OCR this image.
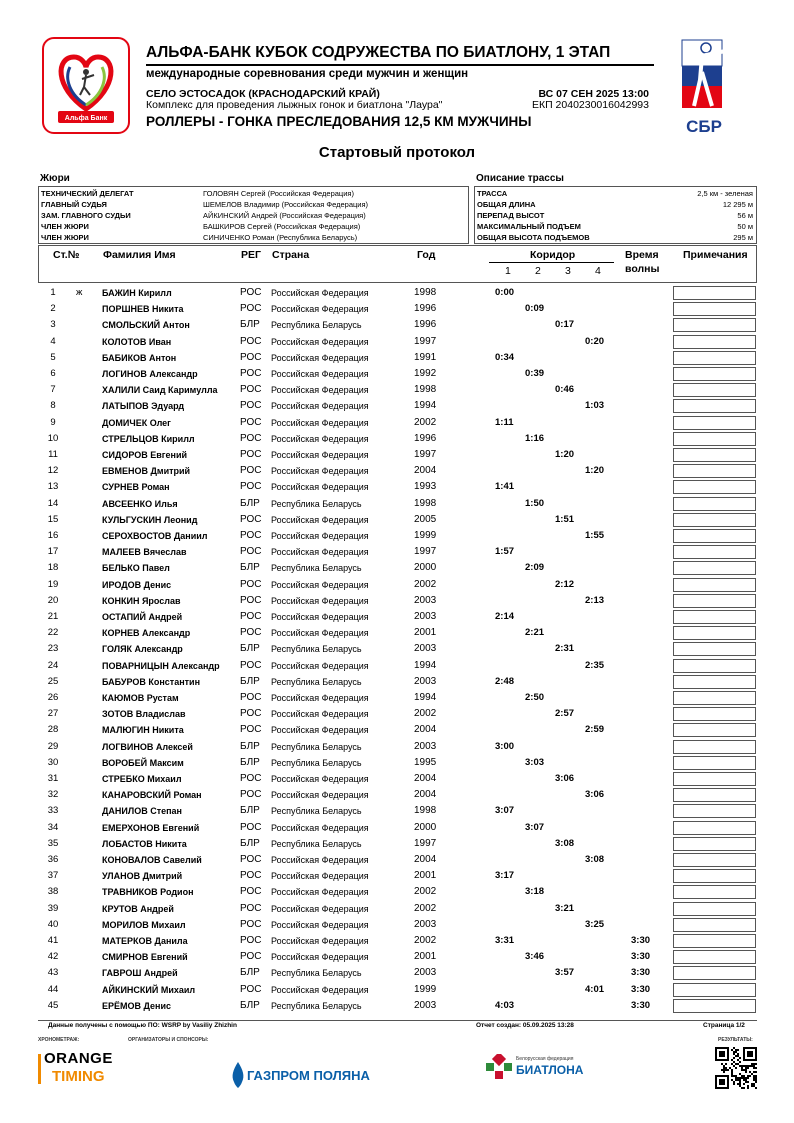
Альфа Банк	СБР
АЛЬФА-БАНК КУБОК СОДРУЖЕСТВА ПО БИАТЛОНУ, 1 ЭТАП
международные соревнования среди мужчин и женщин
СЕЛО ЭСТОСАДОК (КРАСНОДАРСКИЙ КРАЙ)
Комплекс для проведения лыжных гонок и биатлона "Лаура"
ВС 07 СЕН 2025 13:00
ЕКП 2040230016042993
РОЛЛЕРЫ - ГОНКА ПРЕСЛЕДОВАНИЯ 12,5 КМ МУЖЧИНЫ
Стартовый протокол
Жюри
ТЕХНИЧЕСКИЙ ДЕЛЕГАТ	ГОЛОВЯН Сергей (Российская Федерация)
ГЛАВНЫЙ СУДЬЯ	ШЕМЕЛОВ Владимир (Российская Федерация)
ЗАМ. ГЛАВНОГО СУДЬИ	АЙКИНСКИЙ Андрей (Российская Федерация)
ЧЛЕН ЖЮРИ	БАШКИРОВ Сергей (Российская Федерация)
ЧЛЕН ЖЮРИ	СИНИЧЕНКО Роман (Республика Беларусь)
Описание трассы
ТРАССА	2,5 км - зеленая
ОБЩАЯ ДЛИНА	12 295 м
ПЕРЕПАД ВЫСОТ	56 м
МАКСИМАЛЬНЫЙ ПОДЪЕМ	50 м
ОБЩАЯ ВЫСОТА ПОДЪЕМОВ	295 м
Ст.№ Фамилия Имя	РЕГ Страна	Год	Коридор
1 2 3 4
Время
волны
Примечания
1	ж БАЖИН Кирилл	РОС Российская Федерация	1998	0:00
2	ПОРШНЕВ Никита	РОС Российская Федерация	1996	0:09
3	СМОЛЬСКИЙ Антон	БЛР Республика Беларусь	1996	0:17
4	КОЛОТОВ Иван	РОС Российская Федерация	1997	0:20
5	БАБИКОВ Антон	РОС Российская Федерация	1991	0:34
6	ЛОГИНОВ Александр	РОС Российская Федерация	1992	0:39
7	ХАЛИЛИ Саид Каримулла РОС Российская Федерация	1998	0:46
8	ЛАТЫПОВ Эдуард	РОС Российская Федерация	1994	1:03
9	ДОМИЧЕК Олег	РОС Российская Федерация	2002	1:11
10	СТРЕЛЬЦОВ Кирилл	РОС Российская Федерация	1996	1:16
11	СИДОРОВ Евгений	РОС Российская Федерация	1997	1:20
12	ЕВМЕНОВ Дмитрий	РОС Российская Федерация	2004	1:20
13	СУРНЕВ Роман	РОС Российская Федерация	1993	1:41
14	АВСЕЕНКО Илья	БЛР Республика Беларусь	1998	1:50
15	КУЛЬГУСКИН Леонид	РОС Российская Федерация	2005	1:51
16	СЕРОХВОСТОВ Даниил	РОС Российская Федерация	1999	1:55
17	МАЛЕЕВ Вячеслав	РОС Российская Федерация	1997	1:57
18	БЕЛЬКО Павел	БЛР Республика Беларусь	2000	2:09
19	ИРОДОВ Денис	РОС Российская Федерация	2002	2:12
20	КОНКИН Ярослав	РОС Российская Федерация	2003	2:13
21	ОСТАПИЙ Андрей	РОС Российская Федерация	2003	2:14
22	КОРНЕВ Александр	РОС Российская Федерация	2001	2:21
23	ГОЛЯК Александр	БЛР Республика Беларусь	2003	2:31
24	ПОВАРНИЦЫН Александр РОС Российская Федерация	1994	2:35
25	БАБУРОВ Константин	БЛР Республика Беларусь	2003	2:48
26	КАЮМОВ Рустам	РОС Российская Федерация	1994	2:50
27	ЗОТОВ Владислав	РОС Российская Федерация	2002	2:57
28	МАЛЮГИН Никита	РОС Российская Федерация	2004	2:59
29	ЛОГВИНОВ Алексей	БЛР Республика Беларусь	2003	3:00
30	ВОРОБЕЙ Максим	БЛР Республика Беларусь	1995	3:03
31	СТРЕБКО Михаил	РОС Российская Федерация	2004	3:06
32	КАНАРОВСКИЙ Роман	РОС Российская Федерация	2004	3:06
33	ДАНИЛОВ Степан	БЛР Республика Беларусь	1998	3:07
34	ЕМЕРХОНОВ Евгений	РОС Российская Федерация	2000	3:07
35	ЛОБАСТОВ Никита	БЛР Республика Беларусь	1997	3:08
36	КОНОВАЛОВ Савелий	РОС Российская Федерация	2004	3:08
37	УЛАНОВ Дмитрий	РОС Российская Федерация	2001	3:17
38	ТРАВНИКОВ Родион	РОС Российская Федерация	2002	3:18
39	КРУТОВ Андрей	РОС Российская Федерация	2002	3:21
40	МОРИЛОВ Михаил	РОС Российская Федерация	2003	3:25
41	МАТЕРКОВ Данила	РОС Российская Федерация	2002	3:31	3:30
42	СМИРНОВ Евгений	РОС Российская Федерация	2001	3:46	3:30
43	ГАВРОШ Андрей	БЛР Республика Беларусь	2003	3:57	3:30
44	АЙКИНСКИЙ Михаил	РОС Российская Федерация	1999	4:01	3:30
45	ЕРЁМОВ Денис	БЛР Республика Беларусь	2003	4:03	3:30
Данные получены с помощью ПО: WSRP by Vasiliy Zhizhin	Отчет создан: 05.09.2025 13:28	Страница 1/2
ХРОНОМЕТРАЖ:	ОРГАНИЗАТОРЫ И СПОНСОРЫ:	РЕЗУЛЬТАТЫ:
ORANGE
TIMING	ГАЗПРОМ ПОЛЯНА
Белорусская федерация
БИАТЛОНА
